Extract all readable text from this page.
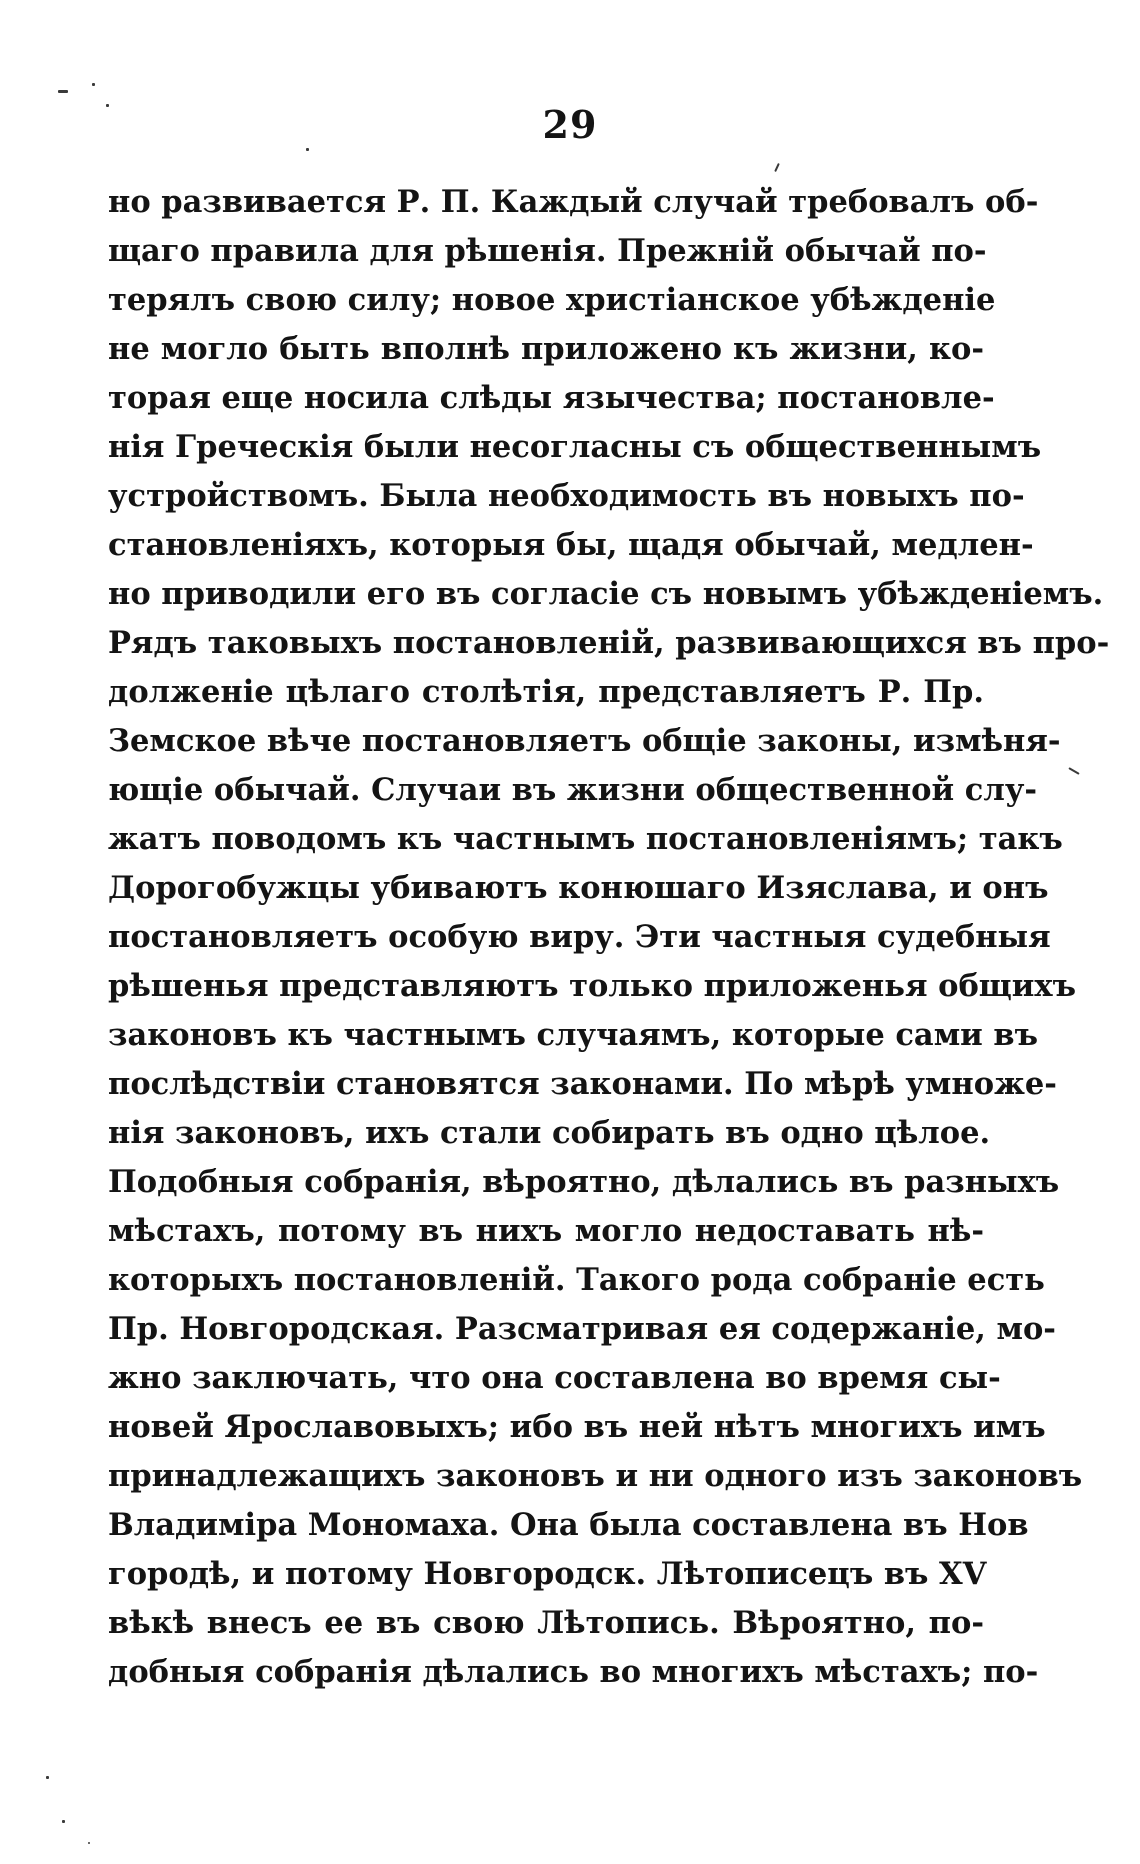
29
но развивается Р. П. Каждый случай требовалъ об-
щаго правила для рѣшенія. Прежній обычай по-
терялъ свою силу; новое христіанское убѣжденіе
не могло быть вполнѣ приложено къ жизни, ко-
торая еще носила слѣды язычества; постановле-
нія Греческія были несогласны съ общественнымъ
устройствомъ. Была необходимость въ новыхъ по-
становленіяхъ, которыя бы, щадя обычай, медлен-
но приводили его въ согласіе съ новымъ убѣжденіемъ.
Рядъ таковыхъ постановленій, развивающихся въ про-
долженіе цѣлаго столѣтія, представляетъ Р. Пр.
Земское вѣче постановляетъ общіе законы, измѣня-
ющіе обычай. Случаи въ жизни общественной слу-
жатъ поводомъ къ частнымъ постановленіямъ; такъ
Дорогобужцы убиваютъ конюшаго Изяслава, и онъ
постановляетъ особую виру. Эти частныя судебныя
рѣшенья представляютъ только приложенья общихъ
законовъ къ частнымъ случаямъ, которые сами въ
послѣдствіи становятся законами. По мѣрѣ умноже-
нія законовъ, ихъ стали собирать въ одно цѣлое.
Подобныя собранія, вѣроятно, дѣлались въ разныхъ
мѣстахъ, потому въ нихъ могло недоставать нѣ-
которыхъ постановленій. Такого рода собраніе есть
Пр. Новгородская. Разсматривая ея содержаніе, мо-
жно заключать, что она составлена во время сы-
новей Ярославовыхъ; ибо въ ней нѣтъ многихъ имъ
принадлежащихъ законовъ и ни одного изъ законовъ
Владиміра Мономаха. Она была составлена въ Нов
городѣ, и потому Новгородск. Лѣтописецъ въ XV
вѣкѣ внесъ ее въ свою Лѣтопись. Вѣроятно, по-
добныя собранія дѣлались во многихъ мѣстахъ; по-
